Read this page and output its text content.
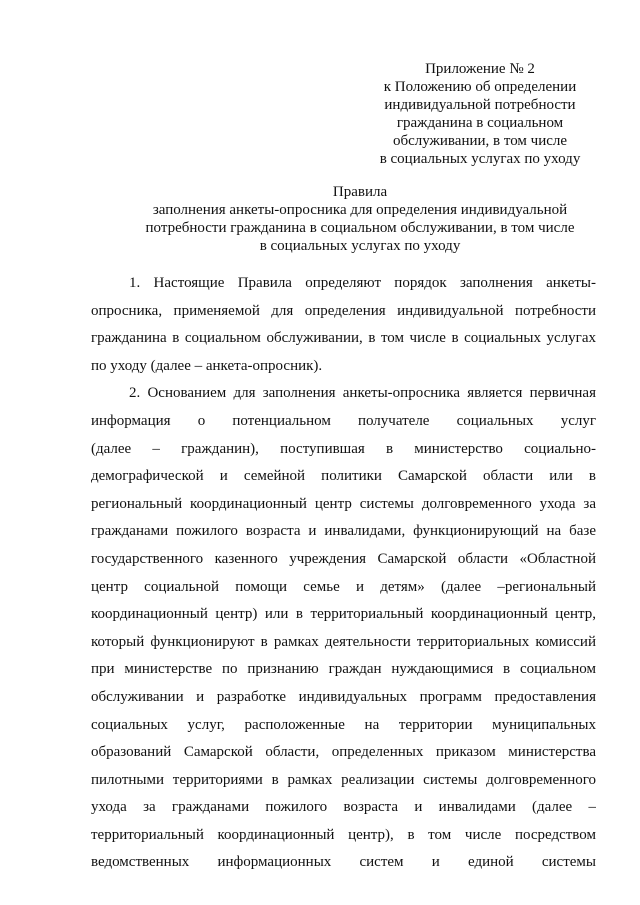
Приложение № 2
к Положению об определении
индивидуальной потребности
гражданина в социальном
обслуживании, в том числе
в социальных услугах по уходу
Правила
заполнения анкеты-опросника для определения индивидуальной
потребности гражданина в социальном обслуживании, в том числе
в социальных услугах по уходу
1. Настоящие Правила определяют порядок заполнения анкеты-
опросника, применяемой для определения индивидуальной потребности
гражданина в социальном обслуживании, в том числе в социальных услугах
по уходу (далее – анкета-опросник).
2. Основанием для заполнения анкеты-опросника является первичная
информация о потенциальном получателе социальных услуг
(далее – гражданин), поступившая в министерство социально-
демографической и семейной политики Самарской области или в
региональный координационный центр системы долговременного ухода за
гражданами пожилого возраста и инвалидами, функционирующий на базе
государственного казенного учреждения Самарской области «Областной
центр социальной помощи семье и детям» (далее –региональный
координационный центр) или в территориальный координационный центр,
который функционируют в рамках деятельности территориальных комиссий
при министерстве по признанию граждан нуждающимися в социальном
обслуживании и разработке индивидуальных программ предоставления
социальных услуг, расположенные на территории муниципальных
образований Самарской области, определенных приказом министерства
пилотными территориями в рамках реализации системы долговременного
ухода за гражданами пожилого возраста и инвалидами (далее –
территориальный координационный центр), в том числе посредством
ведомственных информационных систем и единой системы
